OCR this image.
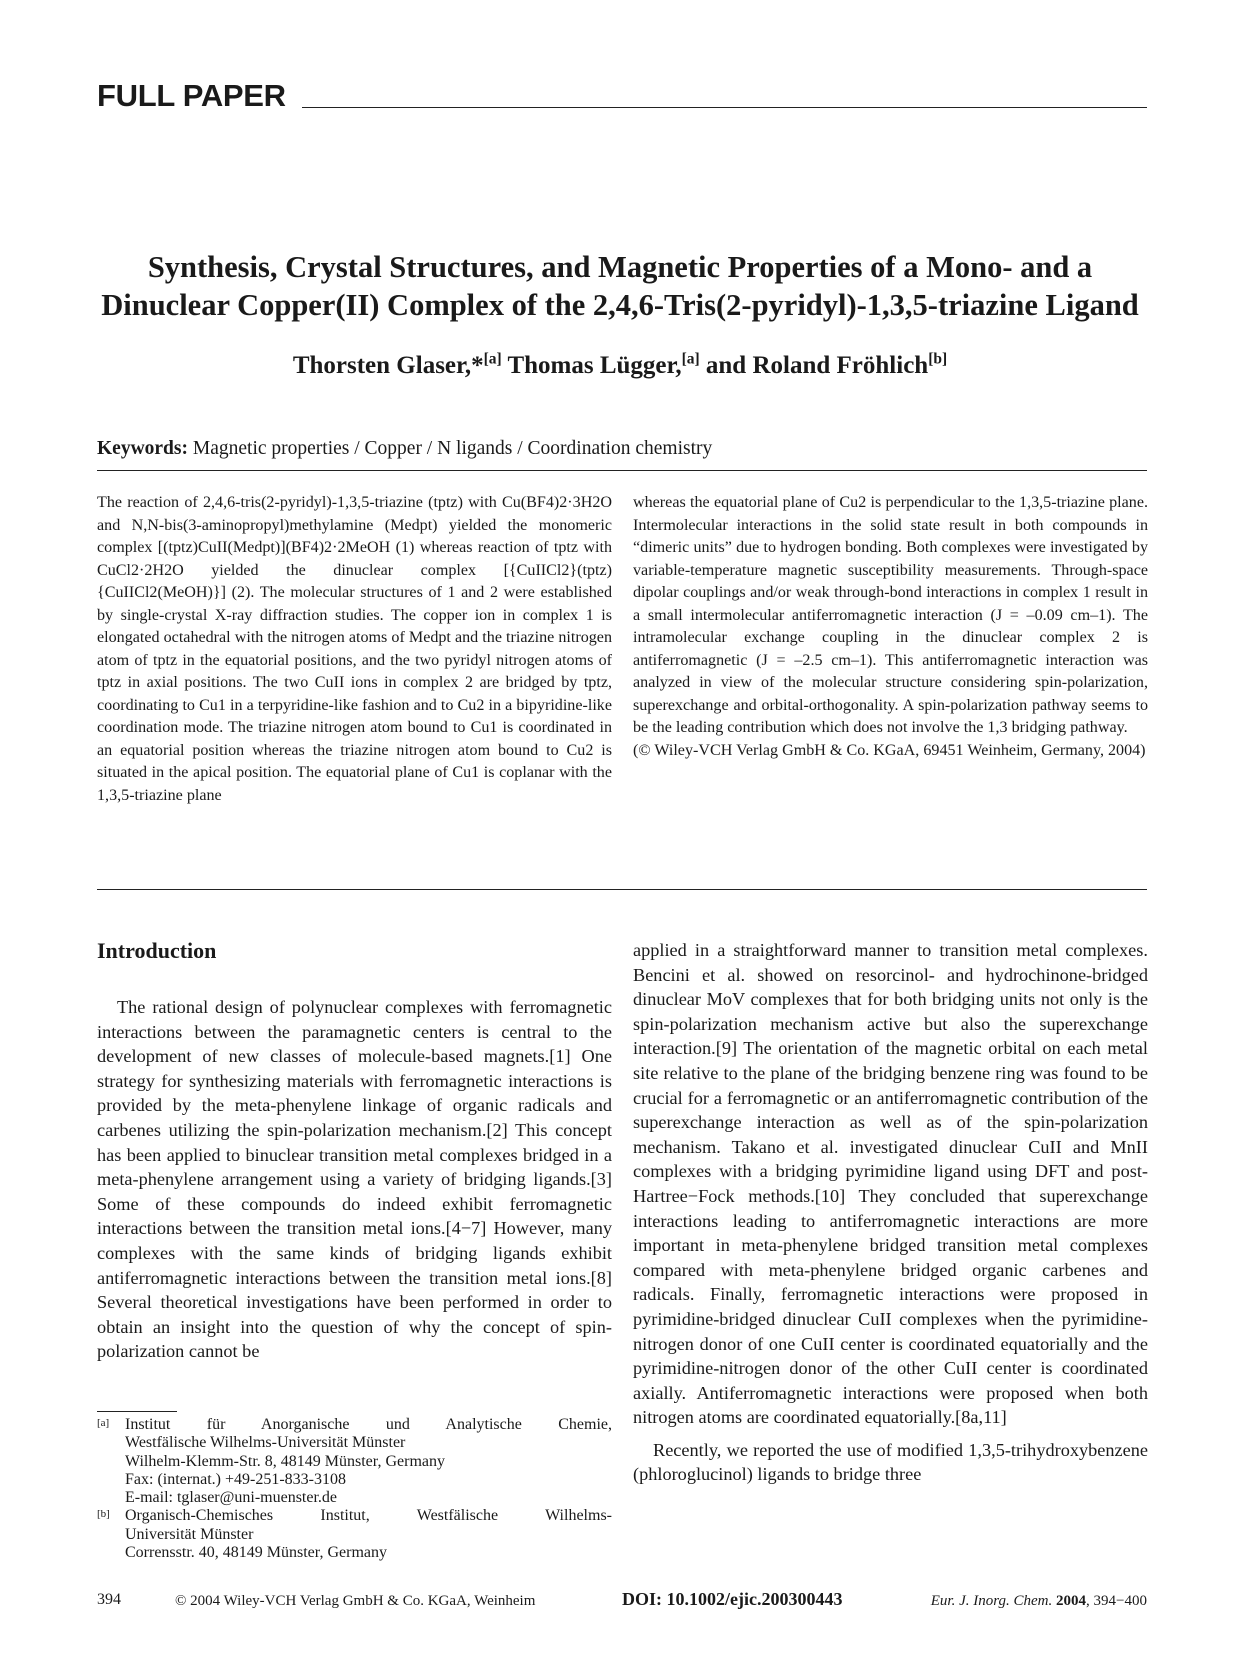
FULL PAPER
Synthesis, Crystal Structures, and Magnetic Properties of a Mono- and a
Dinuclear Copper(II) Complex of the 2,4,6-Tris(2-pyridyl)-1,3,5-triazine Ligand
Thorsten Glaser,*[a] Thomas Lügger,[a] and Roland Fröhlich[b]
Keywords: Magnetic properties / Copper / N ligands / Coordination chemistry

The reaction of 2,4,6-tris(2-pyridyl)-1,3,5-triazine (tptz) with Cu(BF4)2·3H2O and N,N-bis(3-aminopropyl)methylamine (Medpt) yielded the monomeric complex [(tptz)CuII(Medpt)](BF4)2·2MeOH (1) whereas reaction of tptz with CuCl2·2H2O yielded the dinuclear complex [{CuIICl2}(tptz){CuIICl2(MeOH)}] (2). The molecular structures of 1 and 2 were established by single-crystal X-ray diffraction studies. The copper ion in complex 1 is elongated octahedral with the nitrogen atoms of Medpt and the triazine nitrogen atom of tptz in the equatorial positions, and the two pyridyl nitrogen atoms of tptz in axial positions. The two CuII ions in complex 2 are bridged by tptz, coordinating to Cu1 in a terpyridine-like fashion and to Cu2 in a bipyridine-like coordination mode. The triazine nitrogen atom bound to Cu1 is coordinated in an equatorial position whereas the triazine nitrogen atom bound to Cu2 is situated in the apical position. The equatorial plane of Cu1 is coplanar with the 1,3,5-triazine plane

whereas the equatorial plane of Cu2 is perpendicular to the 1,3,5-triazine plane. Intermolecular interactions in the solid state result in both compounds in “dimeric units” due to hydrogen bonding. Both complexes were investigated by variable-temperature magnetic susceptibility measurements. Through-space dipolar couplings and/or weak through-bond interactions in complex 1 result in a small intermolecular antiferromagnetic interaction (J = –0.09 cm–1). The intramolecular exchange coupling in the dinuclear complex 2 is antiferromagnetic (J = –2.5 cm–1). This antiferromagnetic interaction was analyzed in view of the molecular structure considering spin-polarization, superexchange and orbital-orthogonality. A spin-polarization pathway seems to be the leading contribution which does not involve the 1,3 bridging pathway.

(© Wiley-VCH Verlag GmbH & Co. KGaA, 69451 Weinheim, Germany, 2004)

Introduction

The rational design of polynuclear complexes with ferromagnetic interactions between the paramagnetic centers is central to the development of new classes of molecule-based magnets.[1] One strategy for synthesizing materials with ferromagnetic interactions is provided by the meta-phenylene linkage of organic radicals and carbenes utilizing the spin-polarization mechanism.[2] This concept has been applied to binuclear transition metal complexes bridged in a meta-phenylene arrangement using a variety of bridging ligands.[3] Some of these compounds do indeed exhibit ferromagnetic interactions between the transition metal ions.[4−7] However, many complexes with the same kinds of bridging ligands exhibit antiferromagnetic interactions between the transition metal ions.[8] Several theoretical investigations have been performed in order to obtain an insight into the question of why the concept of spin-polarization cannot be

applied in a straightforward manner to transition metal complexes. Bencini et al. showed on resorcinol- and hydrochinone-bridged dinuclear MoV complexes that for both bridging units not only is the spin-polarization mechanism active but also the superexchange interaction.[9] The orientation of the magnetic orbital on each metal site relative to the plane of the bridging benzene ring was found to be crucial for a ferromagnetic or an antiferromagnetic contribution of the superexchange interaction as well as of the spin-polarization mechanism. Takano et al. investigated dinuclear CuII and MnII complexes with a bridging pyrimidine ligand using DFT and post-Hartree−Fock methods.[10] They concluded that superexchange interactions leading to antiferromagnetic interactions are more important in meta-phenylene bridged transition metal complexes compared with meta-phenylene bridged organic carbenes and radicals. Finally, ferromagnetic interactions were proposed in pyrimidine-bridged dinuclear CuII complexes when the pyrimidine-nitrogen donor of one CuII center is coordinated equatorially and the pyrimidine-nitrogen donor of the other CuII center is coordinated axially. Antiferromagnetic interactions were proposed when both nitrogen atoms are coordinated equatorially.[8a,11]

Recently, we reported the use of modified 1,3,5-trihydroxybenzene (phloroglucinol) ligands to bridge three

[a] Institut für Anorganische und Analytische Chemie,
Westfälische Wilhelms-Universität Münster
Wilhelm-Klemm-Str. 8, 48149 Münster, Germany
Fax: (internat.) +49-251-833-3108
E-mail: tglaser@uni-muenster.de
[b] Organisch-Chemisches Institut, Westfälische Wilhelms-
Universität Münster
Corrensstr. 40, 48149 Münster, Germany
394	© 2004 Wiley-VCH Verlag GmbH & Co. KGaA, Weinheim	DOI: 10.1002/ejic.200300443	Eur. J. Inorg. Chem. 2004, 394−400
